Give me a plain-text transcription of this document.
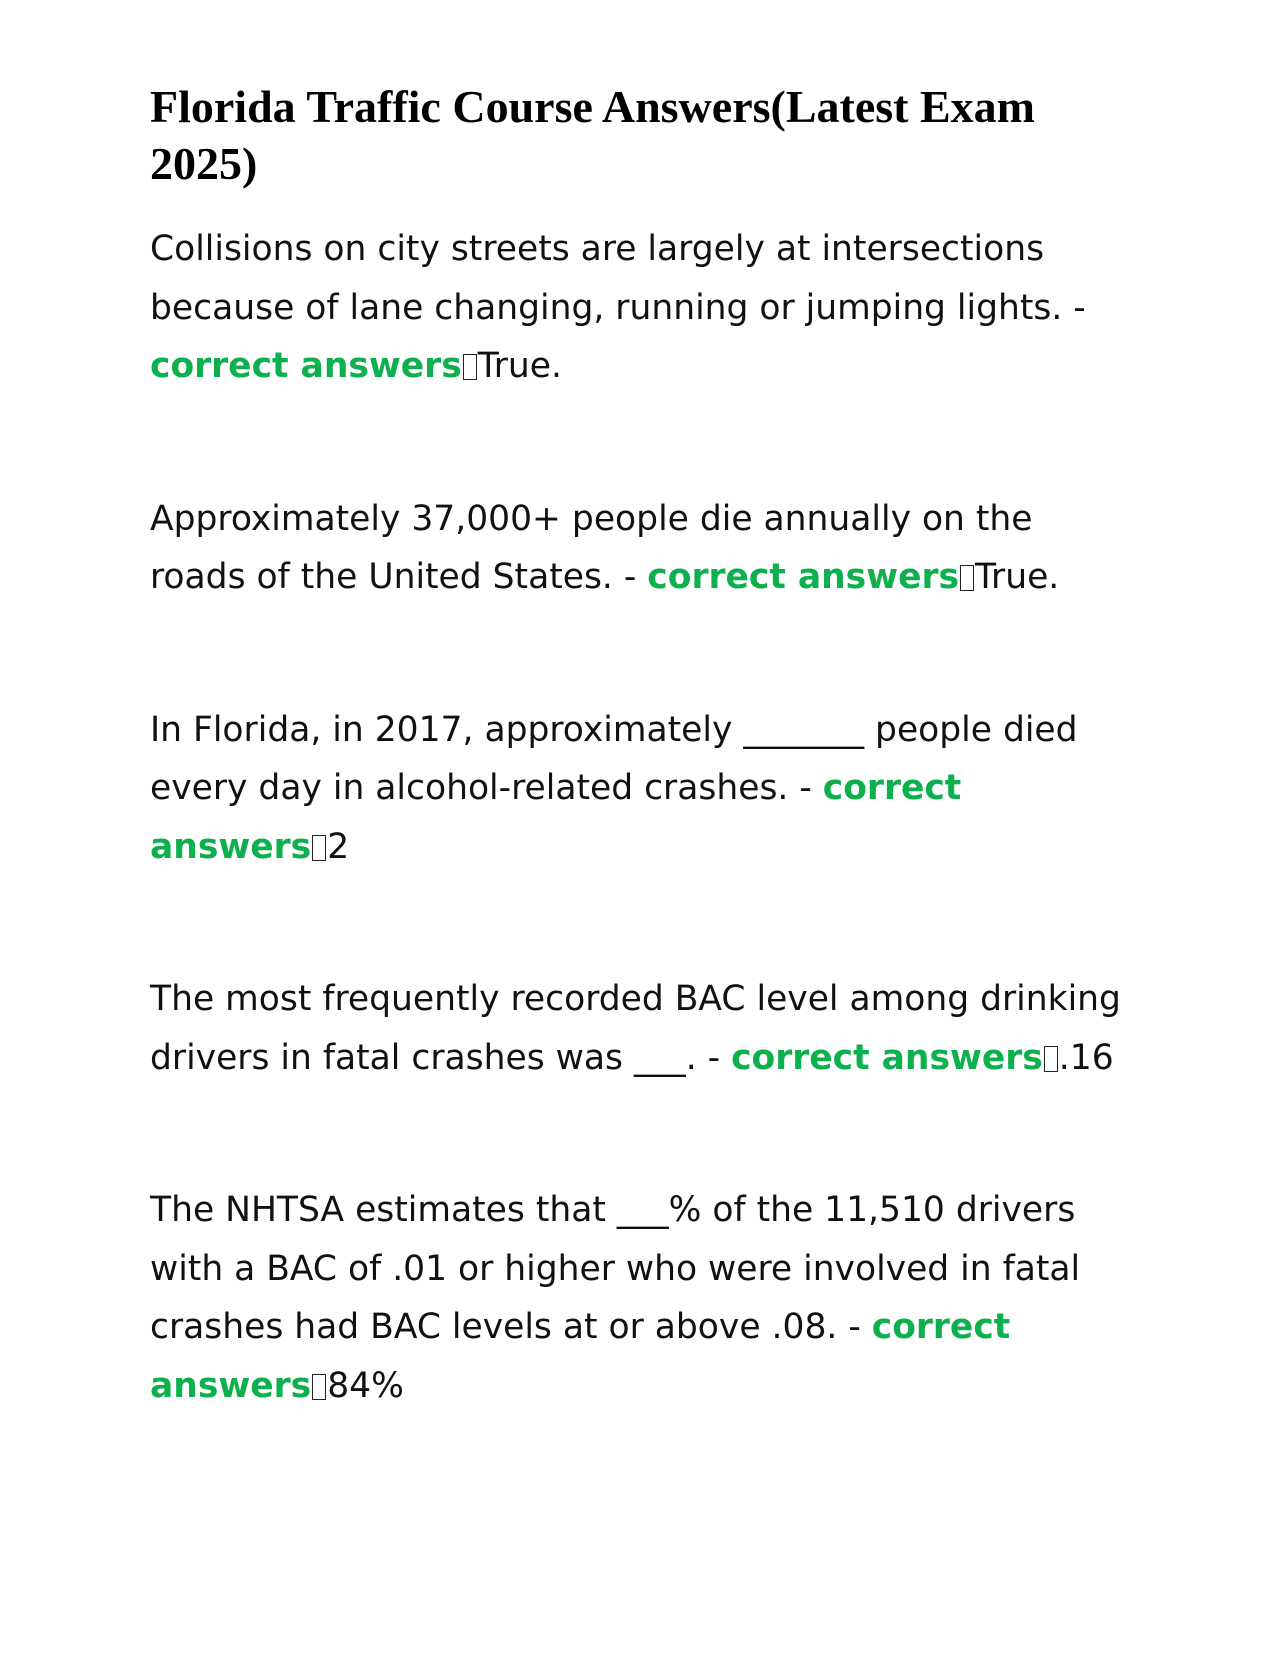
Florida Traffic Course Answers(Latest Exam 2025)

Collisions on city streets are largely at intersections because of lane changing, running or jumping lights. - correct answers True.

Approximately 37,000+ people die annually on the roads of the United States. - correct answers True.

In Florida, in 2017, approximately _______ people died every day in alcohol-related crashes. - correct answers 2

The most frequently recorded BAC level among drinking drivers in fatal crashes was ___. - correct answers .16

The NHTSA estimates that ___% of the 11,510 drivers with a BAC of .01 or higher who were involved in fatal crashes had BAC levels at or above .08. - correct answers 84%
